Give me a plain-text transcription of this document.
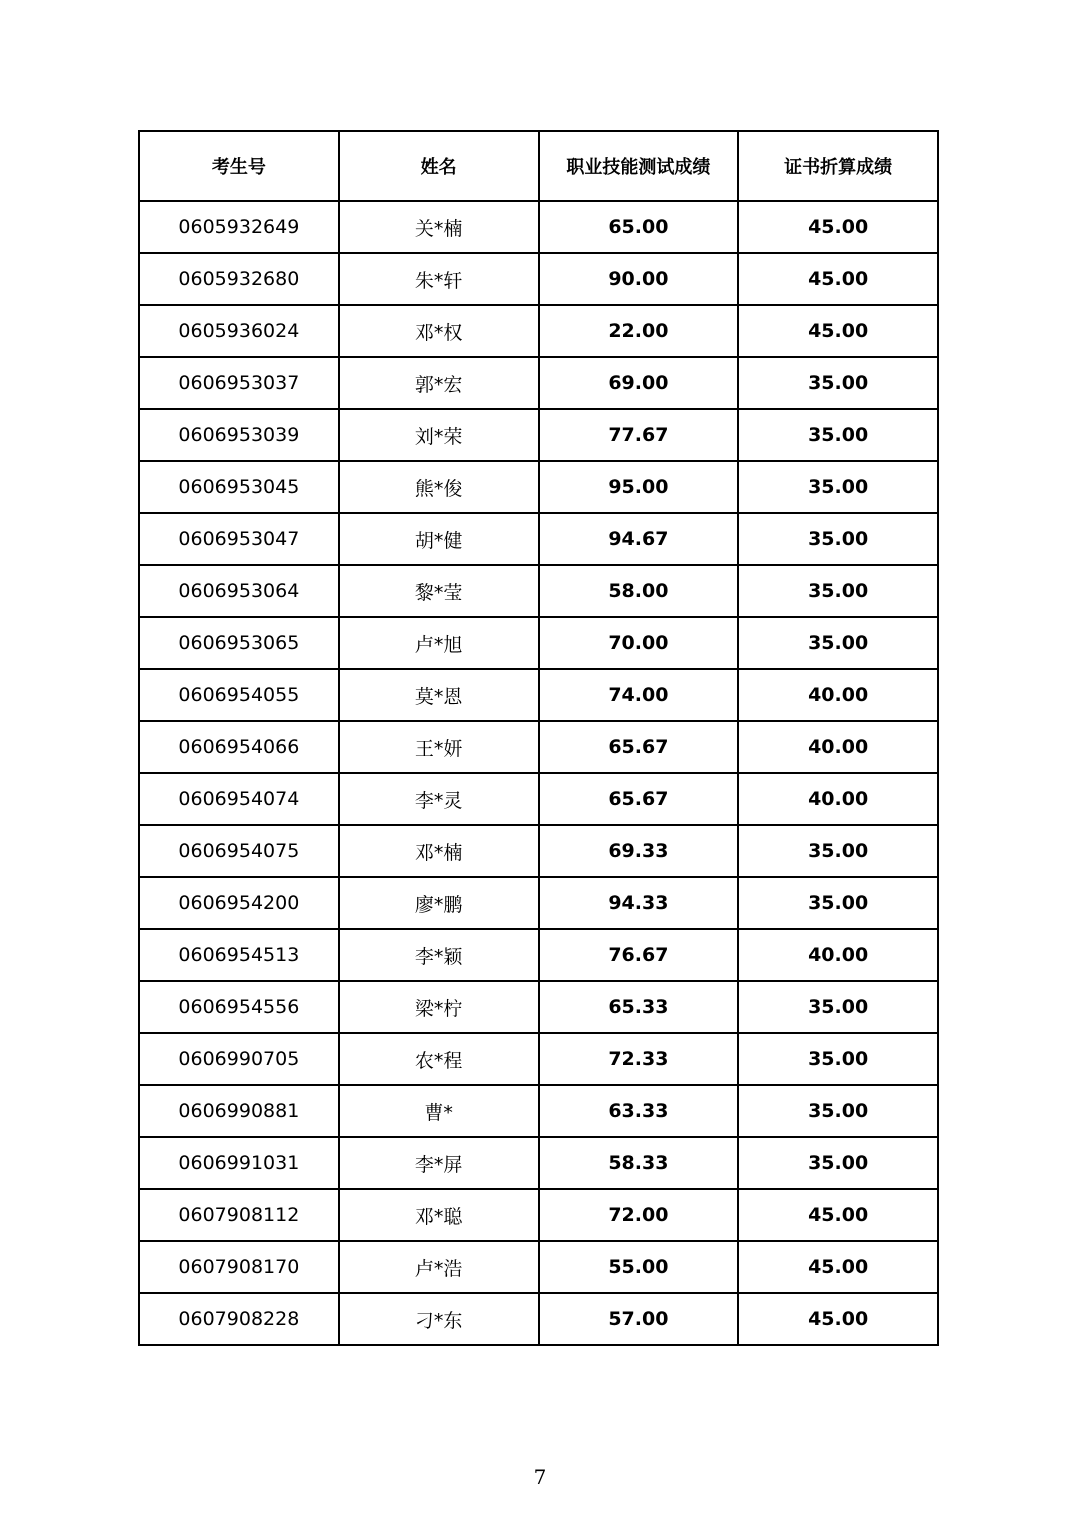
考生号	姓名	职业技能测试成绩	证书折算成绩
0605932649	关*楠	65.00	45.00
0605932680	朱*轩	90.00	45.00
0605936024	邓*权	22.00	45.00
0606953037	郭*宏	69.00	35.00
0606953039	刘*荣	77.67	35.00
0606953045	熊*俊	95.00	35.00
0606953047	胡*健	94.67	35.00
0606953064	黎*莹	58.00	35.00
0606953065	卢*旭	70.00	35.00
0606954055	莫*恩	74.00	40.00
0606954066	王*妍	65.67	40.00
0606954074	李*灵	65.67	40.00
0606954075	邓*楠	69.33	35.00
0606954200	廖*鹏	94.33	35.00
0606954513	李*颖	76.67	40.00
0606954556	梁*柠	65.33	35.00
0606990705	农*程	72.33	35.00
0606990881	曹*	63.33	35.00
0606991031	李*屏	58.33	35.00
0607908112	邓*聪	72.00	45.00
0607908170	卢*浩	55.00	45.00
0607908228	刁*东	57.00	45.00
7
